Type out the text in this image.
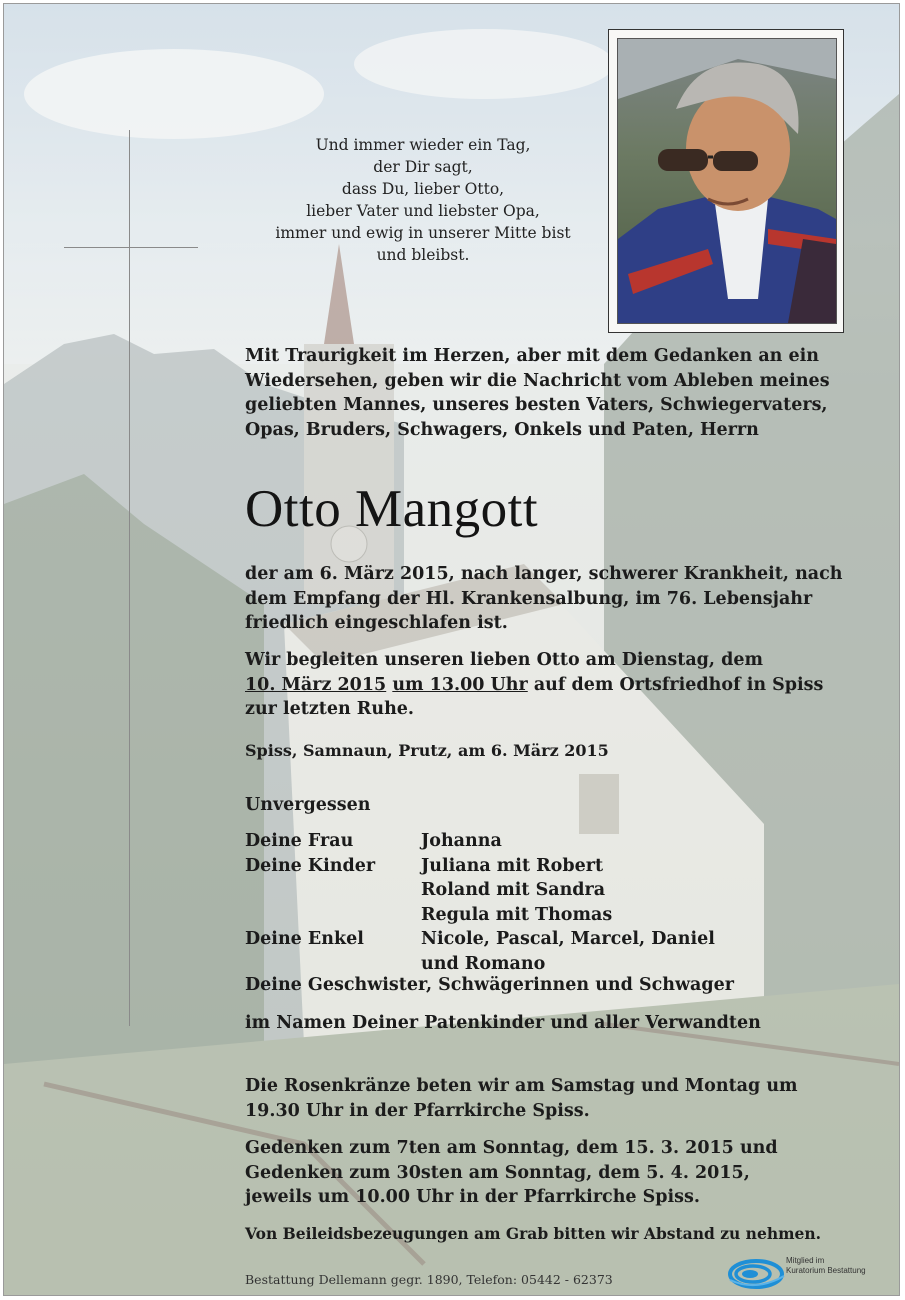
Und immer wieder ein Tag,
der Dir sagt,
dass Du, lieber Otto,
lieber Vater und liebster Opa,
immer und ewig in unserer Mitte bist
und bleibst.
Mit Traurigkeit im Herzen, aber mit dem Gedanken an ein
Wiedersehen, geben wir die Nachricht vom Ableben meines
geliebten Mannes, unseres besten Vaters, Schwiegervaters,
Opas, Bruders, Schwagers, Onkels und Paten, Herrn
Otto Mangott
der am 6. März 2015, nach langer, schwerer Krankheit, nach
dem Empfang der Hl. Krankensalbung, im 76. Lebensjahr
friedlich eingeschlafen ist.
Wir begleiten unseren lieben Otto am Dienstag, dem
10. März 2015 um 13.00 Uhr auf dem Ortsfriedhof in Spiss
zur letzten Ruhe.
Spiss, Samnaun, Prutz, am 6. März 2015
Unvergessen
Deine Frau	Johanna
Deine Kinder	Juliana mit Robert
Roland mit Sandra
Regula mit Thomas
Deine Enkel	Nicole, Pascal, Marcel, Daniel
und Romano
Deine Geschwister, Schwägerinnen und Schwager
im Namen Deiner Patenkinder und aller Verwandten
Die Rosenkränze beten wir am Samstag und Montag um
19.30 Uhr in der Pfarrkirche Spiss.
Gedenken zum 7ten am Sonntag, dem 15. 3. 2015 und
Gedenken zum 30sten am Sonntag, dem 5. 4. 2015,
jeweils um 10.00 Uhr in der Pfarrkirche Spiss.
Von Beileidsbezeugungen am Grab bitten wir Abstand zu nehmen.
Bestattung Dellemann gegr. 1890, Telefon: 05442 - 62373
Mitglied im
Kuratorium Bestattung
